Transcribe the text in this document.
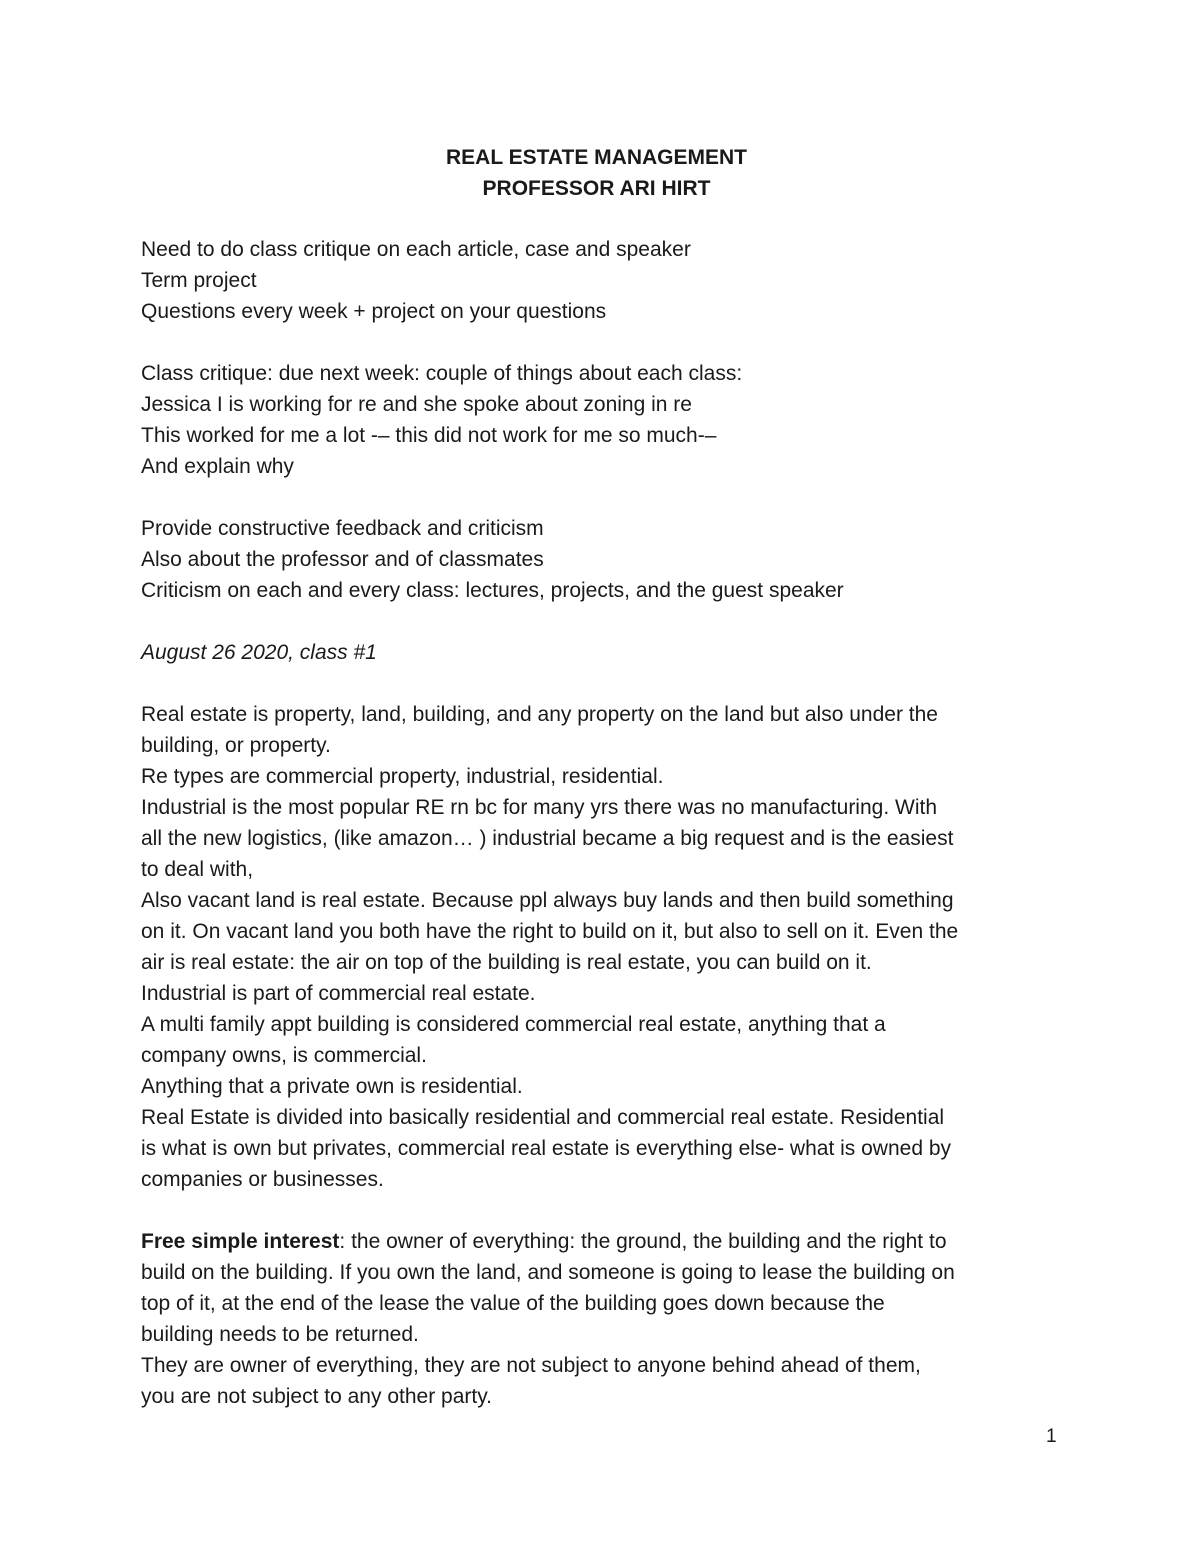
REAL ESTATE MANAGEMENT
PROFESSOR ARI HIRT
Need to do class critique on each article, case and speaker
Term project
Questions every week + project on your questions
Class critique: due next week: couple of things about each class:
Jessica I is working for re and she spoke about zoning in re
This worked for me a lot -– this did not work for me so much-–
And explain why
Provide constructive feedback and criticism
Also about the professor and of classmates
Criticism on each and every class: lectures, projects, and the guest speaker
August 26 2020, class #1
Real estate is property, land, building, and any property on the land but also under the
building, or property.
Re types are commercial property, industrial, residential.
Industrial is the most popular RE rn bc for many yrs there was no manufacturing. With
all the new logistics, (like amazon… ) industrial became a big request and is the easiest
to deal with,
Also vacant land is real estate. Because ppl always buy lands and then build something
on it. On vacant land you both have the right to build on it, but also to sell on it. Even the
air is real estate: the air on top of the building is real estate, you can build on it.
Industrial is part of commercial real estate.
A multi family appt building is considered commercial real estate, anything that a
company owns, is commercial.
Anything that a private own is residential.
Real Estate is divided into basically residential and commercial real estate. Residential
is what is own but privates, commercial real estate is everything else- what is owned by
companies or businesses.
Free simple interest: the owner of everything: the ground, the building and the right to
build on the building. If you own the land, and someone is going to lease the building on
top of it, at the end of the lease the value of the building goes down because the
building needs to be returned.
They are owner of everything, they are not subject to anyone behind ahead of them,
you are not subject to any other party.
1
